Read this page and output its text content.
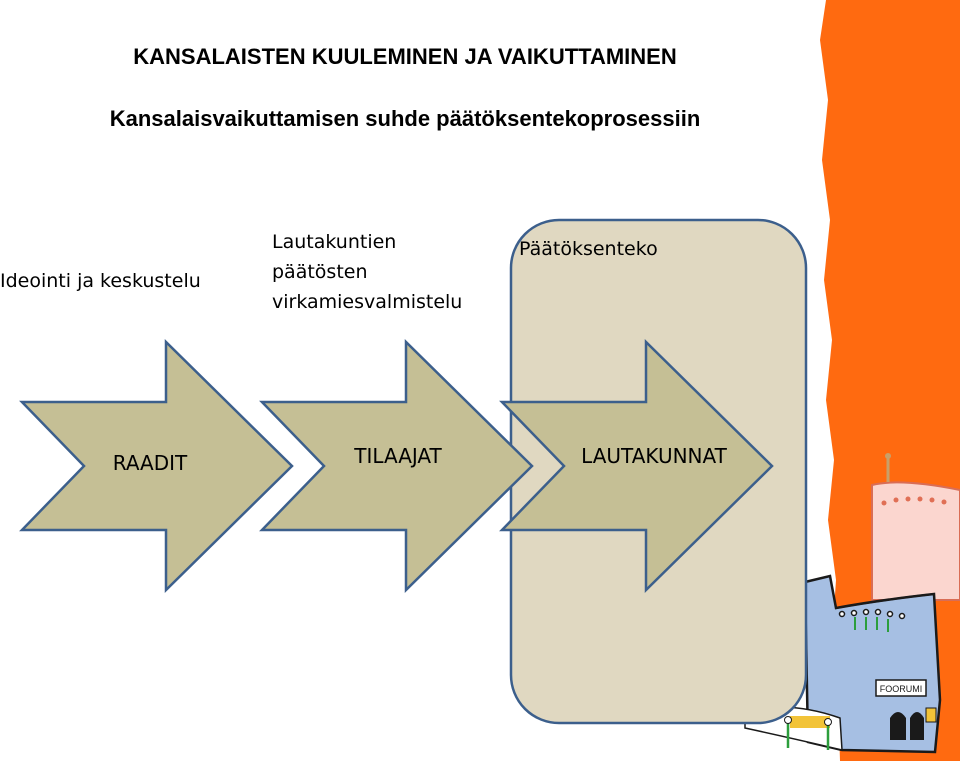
FOORUMI
KANSALAISTEN KUULEMINEN JA VAIKUTTAMINEN
Kansalaisvaikuttamisen suhde päätöksentekoprosessiin

Ideointi ja keskustelu

Lautakuntien
päätösten
virkamiesvalmistelu

Päätöksenteko

RAADIT	TILAAJAT	LAUTAKUNNAT
